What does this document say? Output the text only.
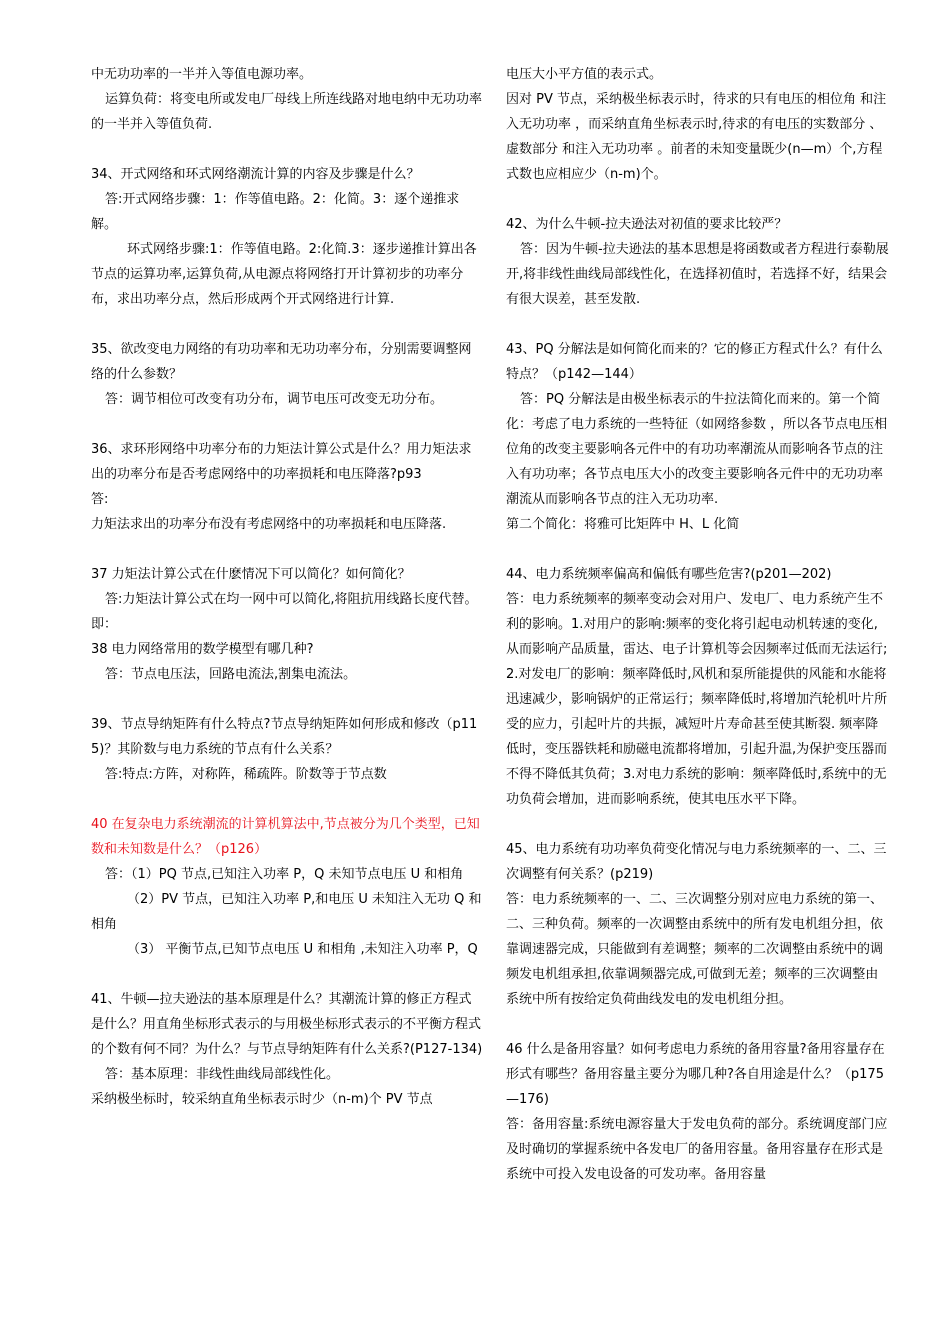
中无功功率的一半并入等值电源功率。

运算负荷：将变电所或发电厂母线上所连线路对地电纳中无功功率的一半并入等值负荷.

34、开式网络和环式网络潮流计算的内容及步骤是什么？

答:开式网络步骤：1：作等值电路。2：化简。3：逐个递推求解。

环式网络步骤:1：作等值电路。2:化简.3：逐步递推计算出各节点的运算功率,运算负荷,从电源点将网络打开计算初步的功率分布，求出功率分点，然后形成两个开式网络进行计算.

35、欲改变电力网络的有功功率和无功功率分布，分别需要调整网络的什么参数？

答：调节相位可改变有功分布，调节电压可改变无功分布。

36、求环形网络中功率分布的力矩法计算公式是什么？用力矩法求出的功率分布是否考虑网络中的功率损耗和电压降落?p93

答:

力矩法求出的功率分布没有考虑网络中的功率损耗和电压降落.

37 力矩法计算公式在什麽情况下可以简化？如何简化？

答:力矩法计算公式在均一网中可以简化,将阻抗用线路长度代替。即：

38 电力网络常用的数学模型有哪几种?

答：节点电压法，回路电流法,割集电流法。

39、节点导纳矩阵有什么特点?节点导纳矩阵如何形成和修改（p115)？其阶数与电力系统的节点有什么关系？

答:特点:方阵，对称阵，稀疏阵。阶数等于节点数

40 在复杂电力系统潮流的计算机算法中,节点被分为几个类型，已知数和未知数是什么？（p126）

答：（1）PQ 节点,已知注入功率 P，Q 未知节点电压 U 和相角

（2）PV 节点，已知注入功率 P,和电压 U 未知注入无功 Q 和相角

（3） 平衡节点,已知节点电压 U 和相角 ,未知注入功率 P，Q

41、牛顿—拉夫逊法的基本原理是什么？其潮流计算的修正方程式是什么？用直角坐标形式表示的与用极坐标形式表示的不平衡方程式的个数有何不同？为什么？与节点导纳矩阵有什么关系?(P127-134)

答：基本原理：非线性曲线局部线性化。

采纳极坐标时，较采纳直角坐标表示时少（n-m)个 PV 节点

电压大小平方值的表示式。

因对 PV 节点，采纳极坐标表示时，待求的只有电压的相位角 和注入无功功率 ，而采纳直角坐标表示时,待求的有电压的实数部分 、虚数部分 和注入无功功率 。前者的未知变量既少(n—m）个,方程式数也应相应少（n-m)个。

42、为什么牛顿-拉夫逊法对初值的要求比较严？

答：因为牛顿-拉夫逊法的基本思想是将函数或者方程进行泰勒展开,将非线性曲线局部线性化，在选择初值时，若选择不好，结果会有很大误差，甚至发散.

43、PQ 分解法是如何简化而来的？它的修正方程式什么？有什么特点？（p142—144）

答：PQ 分解法是由极坐标表示的牛拉法简化而来的。第一个简化：考虑了电力系统的一些特征（如网络参数 ，所以各节点电压相位角的改变主要影响各元件中的有功功率潮流从而影响各节点的注入有功功率；各节点电压大小的改变主要影响各元件中的无功功率潮流从而影响各节点的注入无功功率.

第二个简化：将雅可比矩阵中 H、L 化简

44、电力系统频率偏高和偏低有哪些危害?(p201—202)

答：电力系统频率的频率变动会对用户、发电厂、电力系统产生不利的影响。1.对用户的影响:频率的变化将引起电动机转速的变化,从而影响产品质量，雷达、电子计算机等会因频率过低而无法运行;2.对发电厂的影响：频率降低时,风机和泵所能提供的风能和水能将迅速减少，影响锅炉的正常运行；频率降低时,将增加汽轮机叶片所受的应力，引起叶片的共振，减短叶片寿命甚至使其断裂. 频率降低时，变压器铁耗和励磁电流都将增加，引起升温,为保护变压器而不得不降低其负荷；3.对电力系统的影响：频率降低时,系统中的无功负荷会增加，进而影响系统，使其电压水平下降。

45、电力系统有功功率负荷变化情况与电力系统频率的一、二、三次调整有何关系？(p219)

答：电力系统频率的一、二、三次调整分别对应电力系统的第一、二、三种负荷。频率的一次调整由系统中的所有发电机组分担，依靠调速器完成，只能做到有差调整；频率的二次调整由系统中的调频发电机组承担,依靠调频器完成,可做到无差；频率的三次调整由系统中所有按给定负荷曲线发电的发电机组分担。

46 什么是备用容量？如何考虑电力系统的备用容量?备用容量存在形式有哪些？备用容量主要分为哪几种?各自用途是什么？（p175—176)

答：备用容量:系统电源容量大于发电负荷的部分。系统调度部门应及时确切的掌握系统中各发电厂的备用容量。备用容量存在形式是系统中可投入发电设备的可发功率。备用容量
